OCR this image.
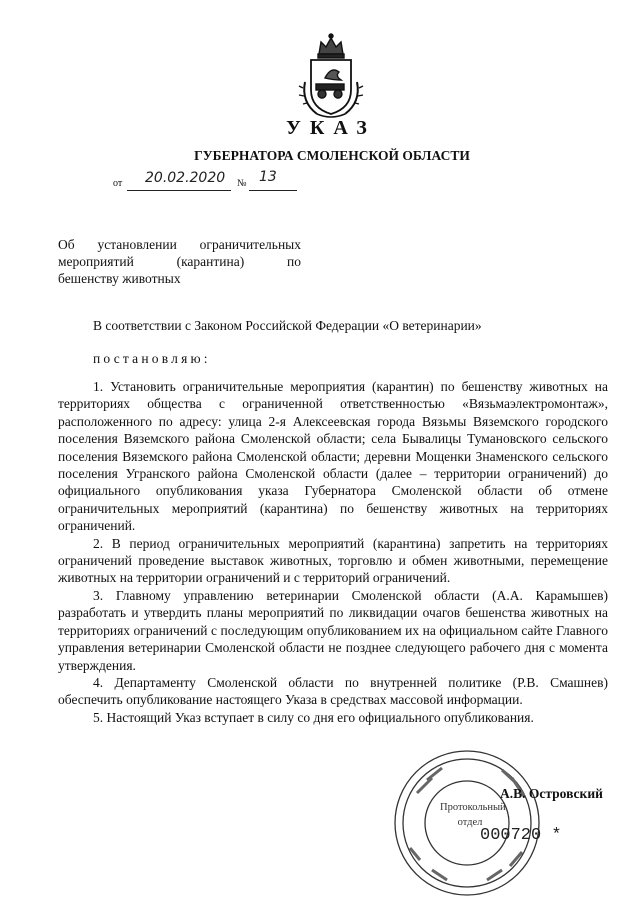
УКАЗ
ГУБЕРНАТОРА СМОЛЕНСКОЙ ОБЛАСТИ
от 20.02.2020 № 13
Об установлении ограничительных
мероприятий (карантина) по
бешенству животных
В соответствии с Законом Российской Федерации «О ветеринарии»
постановляю:

1. Установить ограничительные мероприятия (карантин) по бешенству животных на территориях общества с ограниченной ответственностью «Вязьмаэлектромонтаж», расположенного по адресу: улица 2-я Алексеевская города Вязьмы Вяземского городского поселения Вяземского района Смоленской области; села Бывалицы Тумановского сельского поселения Вяземского района Смоленской области; деревни Мощенки Знаменского сельского поселения Угранского района Смоленской области (далее – территории ограничений) до официального опубликования указа Губернатора Смоленской области об отмене ограничительных мероприятий (карантина) по бешенству животных на территориях ограничений.

2. В период ограничительных мероприятий (карантина) запретить на территориях ограничений проведение выставок животных, торговлю и обмен животными, перемещение животных на территории ограничений и с территорий ограничений.

3. Главному управлению ветеринарии Смоленской области (А.А. Карамышев) разработать и утвердить планы мероприятий по ликвидации очагов бешенства животных на территориях ограничений с последующим опубликованием их на официальном сайте Главного управления ветеринарии Смоленской области не позднее следующего рабочего дня с момента утверждения.

4. Департаменту Смоленской области по внутренней политике (Р.В. Смашнев) обеспечить опубликование настоящего Указа в средствах массовой информации.

5. Настоящий Указ вступает в силу со дня его официального опубликования.

Протокольный отдел
А.В. Островский
000720 *
